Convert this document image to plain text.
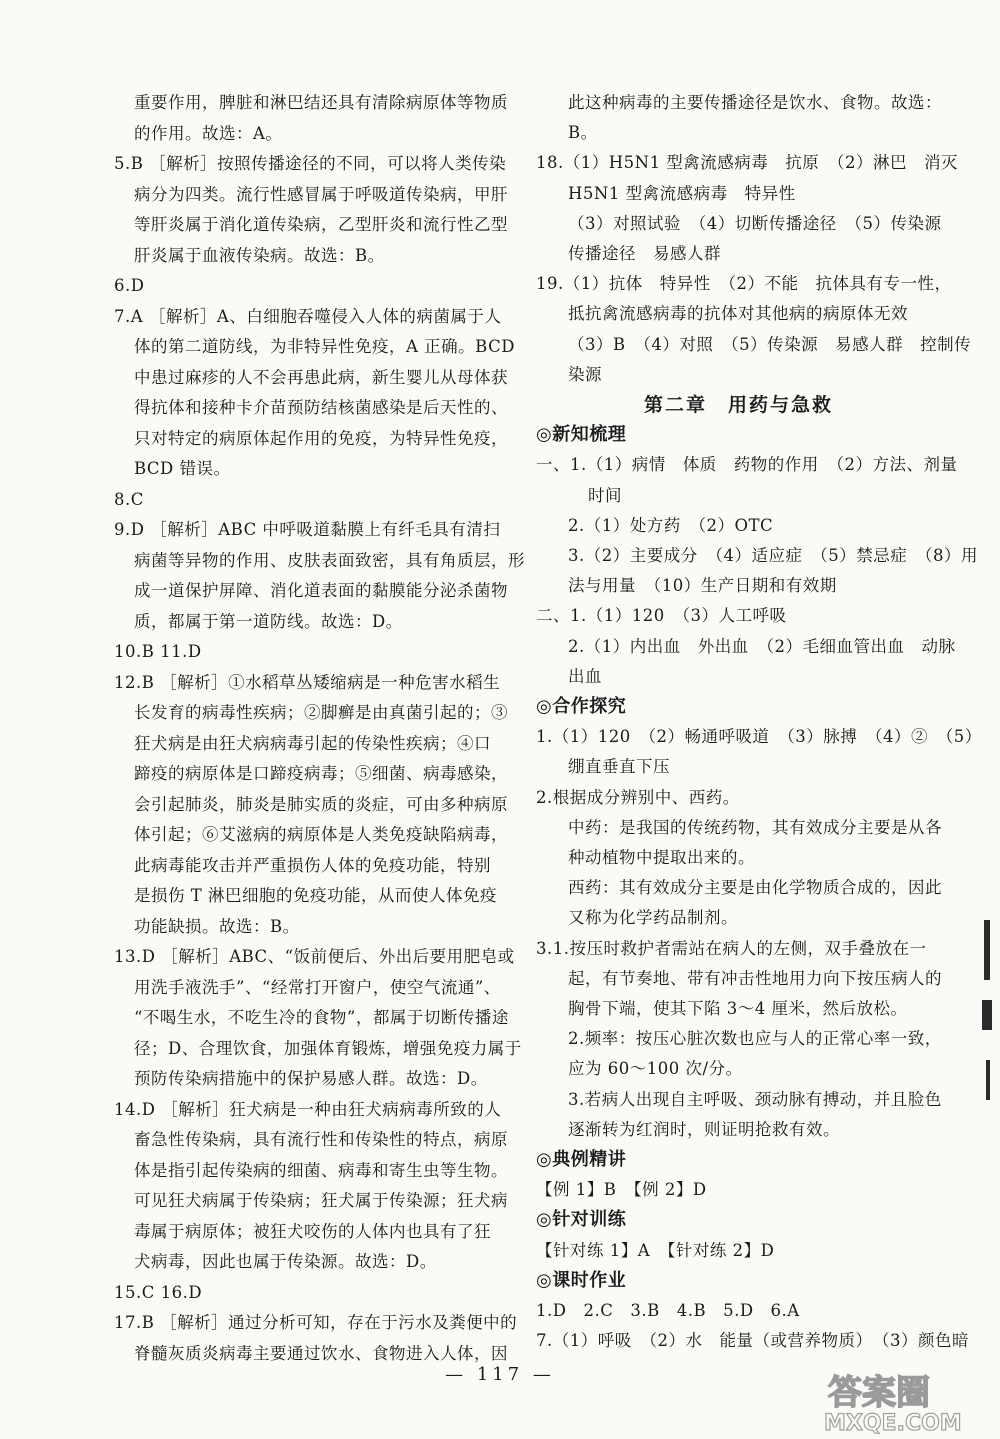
重要作用，脾脏和淋巴结还具有清除病原体等物质
的作用。故选：A。
5.B ［解析］按照传播途径的不同，可以将人类传染
病分为四类。流行性感冒属于呼吸道传染病，甲肝
等肝炎属于消化道传染病，乙型肝炎和流行性乙型
肝炎属于血液传染病。故选：B。
6.D
7.A ［解析］A、白细胞吞噬侵入人体的病菌属于人
体的第二道防线，为非特异性免疫，A 正确。BCD
中患过麻疹的人不会再患此病，新生婴儿从母体获
得抗体和接种卡介苗预防结核菌感染是后天性的、
只对特定的病原体起作用的免疫，为特异性免疫，
BCD 错误。
8.C
9.D ［解析］ABC 中呼吸道黏膜上有纤毛具有清扫
病菌等异物的作用、皮肤表面致密，具有角质层，形
成一道保护屏障、消化道表面的黏膜能分泌杀菌物
质，都属于第一道防线。故选：D。
10.B 11.D
12.B ［解析］①水稻草丛矮缩病是一种危害水稻生
长发育的病毒性疾病；②脚癣是由真菌引起的；③
狂犬病是由狂犬病病毒引起的传染性疾病；④口
蹄疫的病原体是口蹄疫病毒；⑤细菌、病毒感染，
会引起肺炎，肺炎是肺实质的炎症，可由多种病原
体引起；⑥艾滋病的病原体是人类免疫缺陷病毒，
此病毒能攻击并严重损伤人体的免疫功能，特别
是损伤 T 淋巴细胞的免疫功能，从而使人体免疫
功能缺损。故选：B。
13.D ［解析］ABC、“饭前便后、外出后要用肥皂或
用洗手液洗手”、“经常打开窗户，使空气流通”、
“不喝生水，不吃生冷的食物”，都属于切断传播途
径；D、合理饮食，加强体育锻炼，增强免疫力属于
预防传染病措施中的保护易感人群。故选：D。
14.D ［解析］狂犬病是一种由狂犬病病毒所致的人
畜急性传染病，具有流行性和传染性的特点，病原
体是指引起传染病的细菌、病毒和寄生虫等生物。
可见狂犬病属于传染病；狂犬属于传染源；狂犬病
毒属于病原体；被狂犬咬伤的人体内也具有了狂
犬病毒，因此也属于传染源。故选：D。
15.C 16.D
17.B ［解析］通过分析可知，存在于污水及粪便中的
脊髓灰质炎病毒主要通过饮水、食物进入人体，因
此这种病毒的主要传播途径是饮水、食物。故选：
B。
18.（1）H5N1 型禽流感病毒　抗原　（2）淋巴　消灭
H5N1 型禽流感病毒　特异性
（3）对照试验　（4）切断传播途径　（5）传染源
传播途径　易感人群
19.（1）抗体　特异性　（2）不能　抗体具有专一性，
抵抗禽流感病毒的抗体对其他病的病原体无效
（3）B　（4）对照　（5）传染源　易感人群　控制传
染源
第二章　用药与急救
◎新知梳理
一、1.（1）病情　体质　药物的作用　（2）方法、剂量
时间
2.（1）处方药　（2）OTC
3.（2）主要成分　（4）适应症　（5）禁忌症　（8）用
法与用量　（10）生产日期和有效期
二、1.（1）120　（3）人工呼吸
2.（1）内出血　外出血　（2）毛细血管出血　动脉
出血
◎合作探究
1.（1）120　（2）畅通呼吸道　（3）脉搏　（4）②　（5）
绷直垂直下压
2.根据成分辨别中、西药。
中药：是我国的传统药物，其有效成分主要是从各
种动植物中提取出来的。
西药：其有效成分主要是由化学物质合成的，因此
又称为化学药品制剂。
3.1.按压时救护者需站在病人的左侧，双手叠放在一
起，有节奏地、带有冲击性地用力向下按压病人的
胸骨下端，使其下陷 3～4 厘米，然后放松。
2.频率：按压心脏次数也应与人的正常心率一致，
应为 60～100 次/分。
3.若病人出现自主呼吸、颈动脉有搏动，并且脸色
逐渐转为红润时，则证明抢救有效。
◎典例精讲
【例 1】B　【例 2】D
◎针对训练
【针对练 1】A　【针对练 2】D
◎课时作业
1.D　2.C　3.B　4.B　5.D　6.A
7.（1）呼吸　（2）水　能量（或营养物质）　（3）颜色暗
— 117 —	答案圈
MXQE.COM
